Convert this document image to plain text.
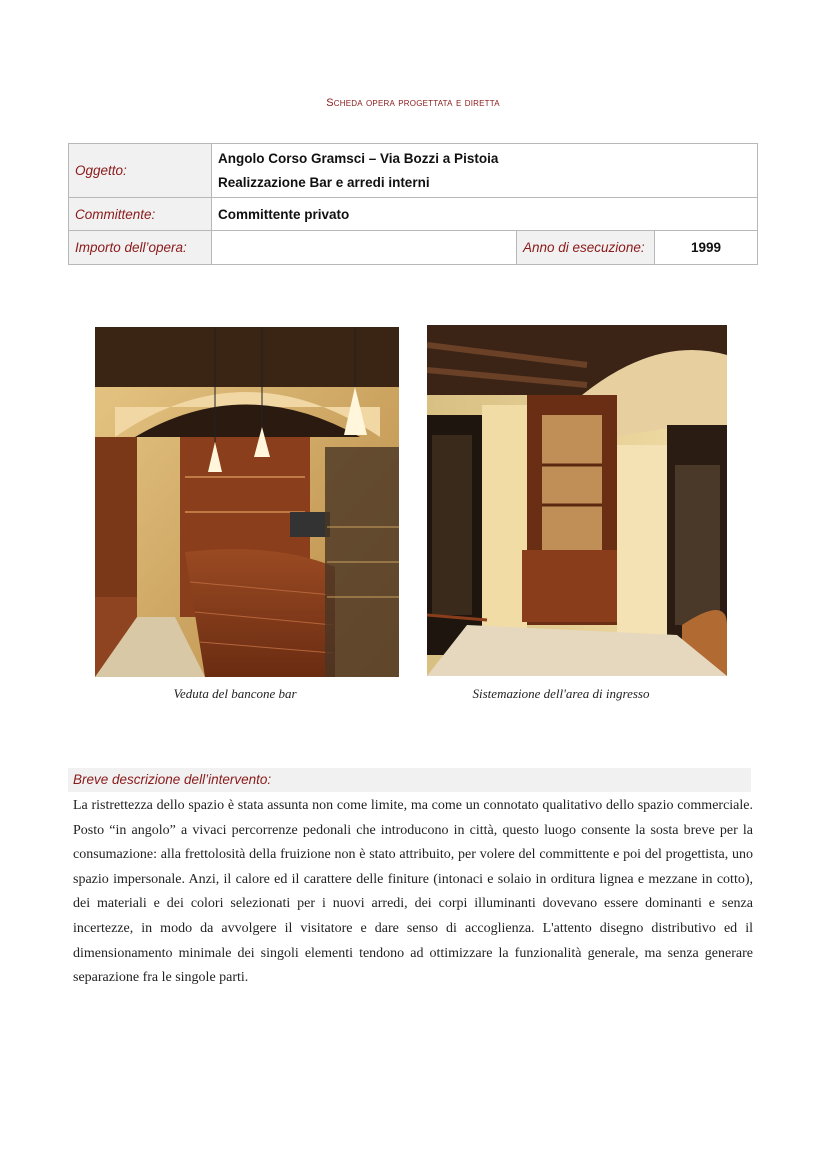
Scheda opera progettata e diretta
Oggetto:	Angolo Corso Gramsci – Via Bozzi a Pistoia
Realizzazione Bar e arredi interni		

Committente:	Committente privato		
Importo dell’opera:		Anno di esecuzione:	1999
Veduta del bancone bar	Sistemazione dell'area di ingresso
Breve descrizione dell’intervento:

La ristrettezza dello spazio è stata assunta non come limite, ma come un connotato qualitativo dello spazio commerciale. Posto “in angolo” a vivaci percorrenze pedonali che introducono in città, questo luogo consente la sosta breve per la consumazione: alla frettolosità della fruizione non è stato attribuito, per volere del committente e poi del progettista, uno spazio impersonale. Anzi, il calore ed il carattere delle finiture (intonaci e solaio in orditura lignea e mezzane in cotto), dei materiali e dei colori selezionati per i nuovi arredi, dei corpi illuminanti dovevano essere dominanti e senza incertezze, in modo da avvolgere il visitatore e dare senso di accoglienza. L'attento disegno distributivo ed il dimensionamento minimale dei singoli elementi tendono ad ottimizzare la funzionalità generale, ma senza generare separazione fra le singole parti.
